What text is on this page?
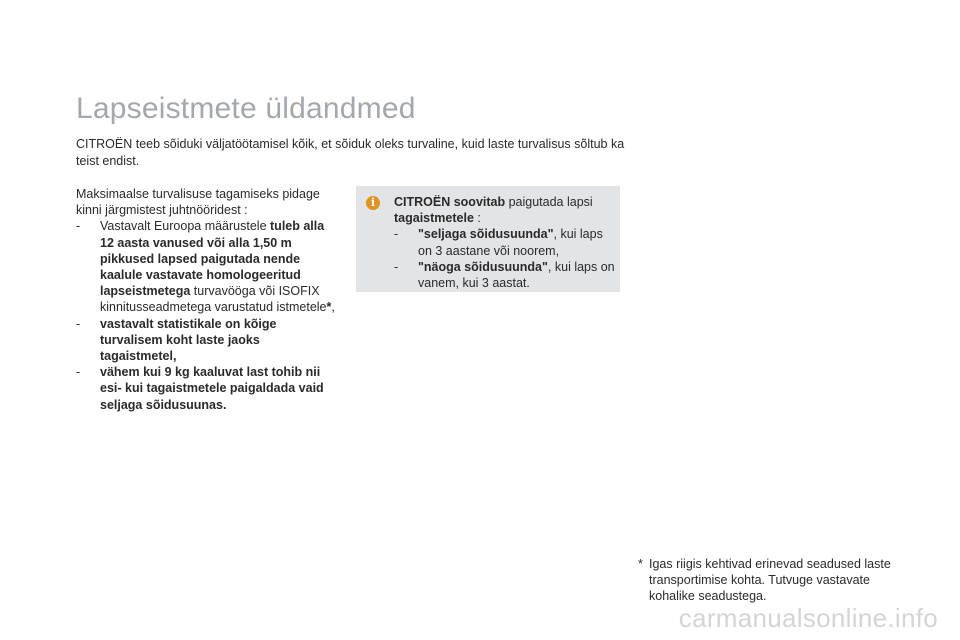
Lapseistmete üldandmed
CITROËN teeb sõiduki väljatöötamisel kõik, et sõiduk oleks turvaline, kuid laste turvalisus sõltub ka teist endist.

Maksimaalse turvalisuse tagamiseks pidage kinni järgmistest juhtnööridest :

- Vastavalt Euroopa määrustele tuleb alla 12 aasta vanused või alla 1,50 m pikkused lapsed paigutada nende kaalule vastavate homologeeritud lapseistmetega turvavööga või ISOFIX kinnitusseadmetega varustatud istmetele*,
- vastavalt statistikale on kõige turvalisem koht laste jaoks tagaistmetel,
- vähem kui 9 kg kaaluvat last tohib nii esi- kui tagaistmetele paigaldada vaid seljaga sõidusuunas.
i	CITROËN soovitab paigutada lapsi tagaistmetele :

- "seljaga sõidusuunda", kui laps on 3 aastane või noorem,
- "näoga sõidusuunda", kui laps on vanem, kui 3 aastat.
* Igas riigis kehtivad erinevad seadused laste transportimise kohta. Tutvuge vastavate kohalike seadustega.
carmanualsonline.info
